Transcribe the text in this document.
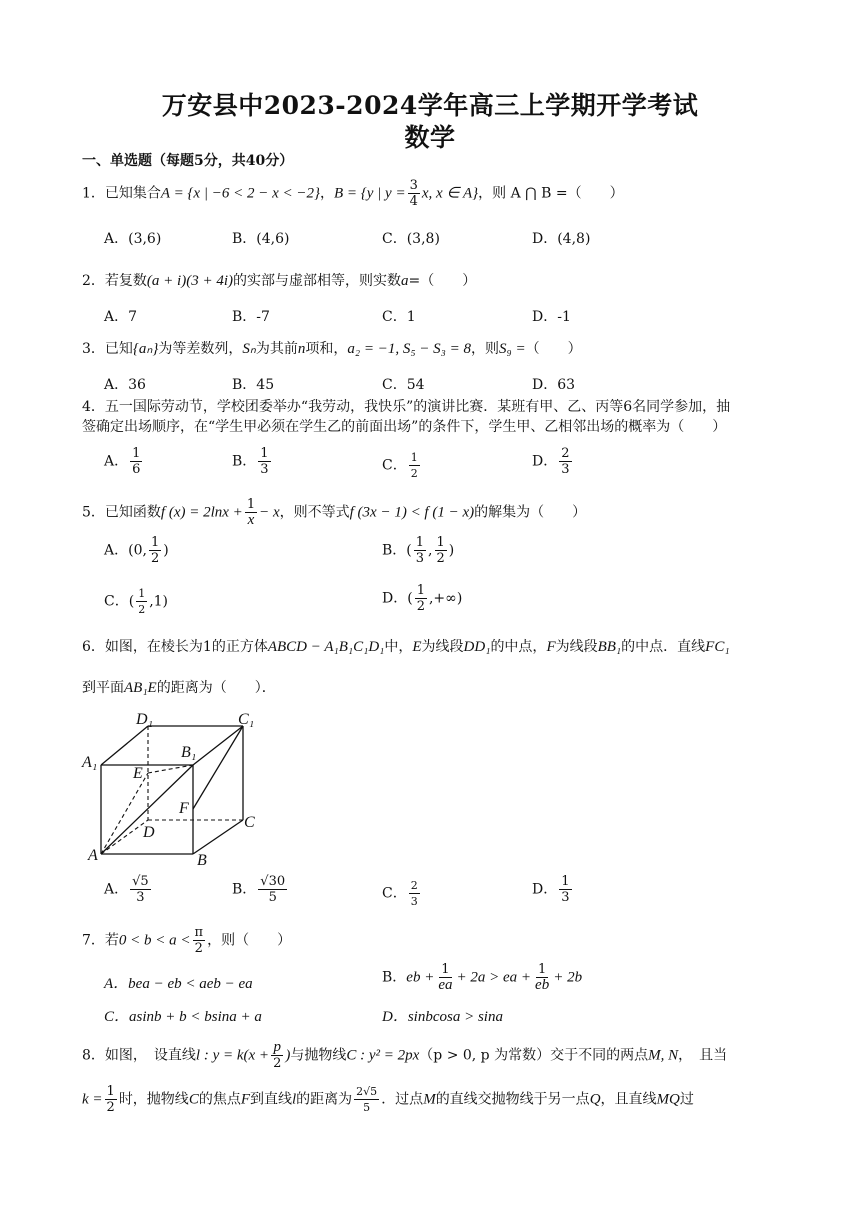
万安县中2023-2024学年高三上学期开学考试
数学
一、单选题（每题5分，共40分）
1．已知集合A = {x | −6 < 2 − x < −2}，B = {y | $y = \frac{3}{4} x$, x ∈ A}，则 A ⋂ B =（　　）
A．(3,6)	B．(4,6)	C．(3,8)	D．(4,8)
2．若复数(a + i)(3 + 4i)的实部与虚部相等，则实数a=（　　）
A．7	B．-7	C．1	D．-1
3．已知{aₙ}为等差数列，Sₙ为其前n项和，a₂ = −1, S₅ − S₃ = 8，则S₉ =（　　）
A．36	B．45	C．54	D．63
4．五一国际劳动节，学校团委举办“我劳动，我快乐”的演讲比赛．某班有甲、乙、丙等6名同学参加，抽
签确定出场顺序，在“学生甲必须在学生乙的前面出场”的条件下，学生甲、乙相邻出场的概率为（　　）
A． $\frac{1}{6}$	B． $\frac{1}{3}$	C． $\frac{1}{2}$	D． $\frac{2}{3}$
5．已知函数f $(x) = 2\ln x + \frac{1}{x} - x$，则不等式f (3x − 1) < f (1 − x)的解集为（　　）
A．(0, $\frac{1}{2}$ )	B．( $\frac{1}{3}$ , $\frac{1}{2}$ )
C．( $\frac{1}{2} ,1$)	D．( $\frac{1}{2}$ ,+∞)
6．如图，在棱长为1的正方体ABCD − A₁B₁C₁D₁中，E为线段DD₁的中点，F为线段BB₁的中点．直线FC₁
到平面AB₁E的距离为（　　）．
D₁	C₁
A₁
B₁
E
F
D
C
A	B
A． $\frac{√5}{3}$	B． $\frac{√30}{5}$	C． $\frac{2}{3}$	D． $\frac{1}{3}$
7．若$0 < b < a < \frac{\pi}{2}$ ，则（　　）
A．bea − eb < aeb − ea	B．eb + $\frac{1}{ea} + 2a$ > ea + $\frac{1}{eb} + 2b$
C．asinb + b < bsina + a	D．sinbcosa > sina
8．如图，　设直线l : $y = k(x + \frac{p}{2}$ )与抛物线C : y² = 2px（p > 0, p 为常数）交于不同的两点M, N，　且当
$k = \frac{1}{2}$ 时，抛物线C的焦点F到直线l的距离为 $\frac{2√5}{5}$ ．过点M的直线交抛物线于另一点Q，且直线MQ过
